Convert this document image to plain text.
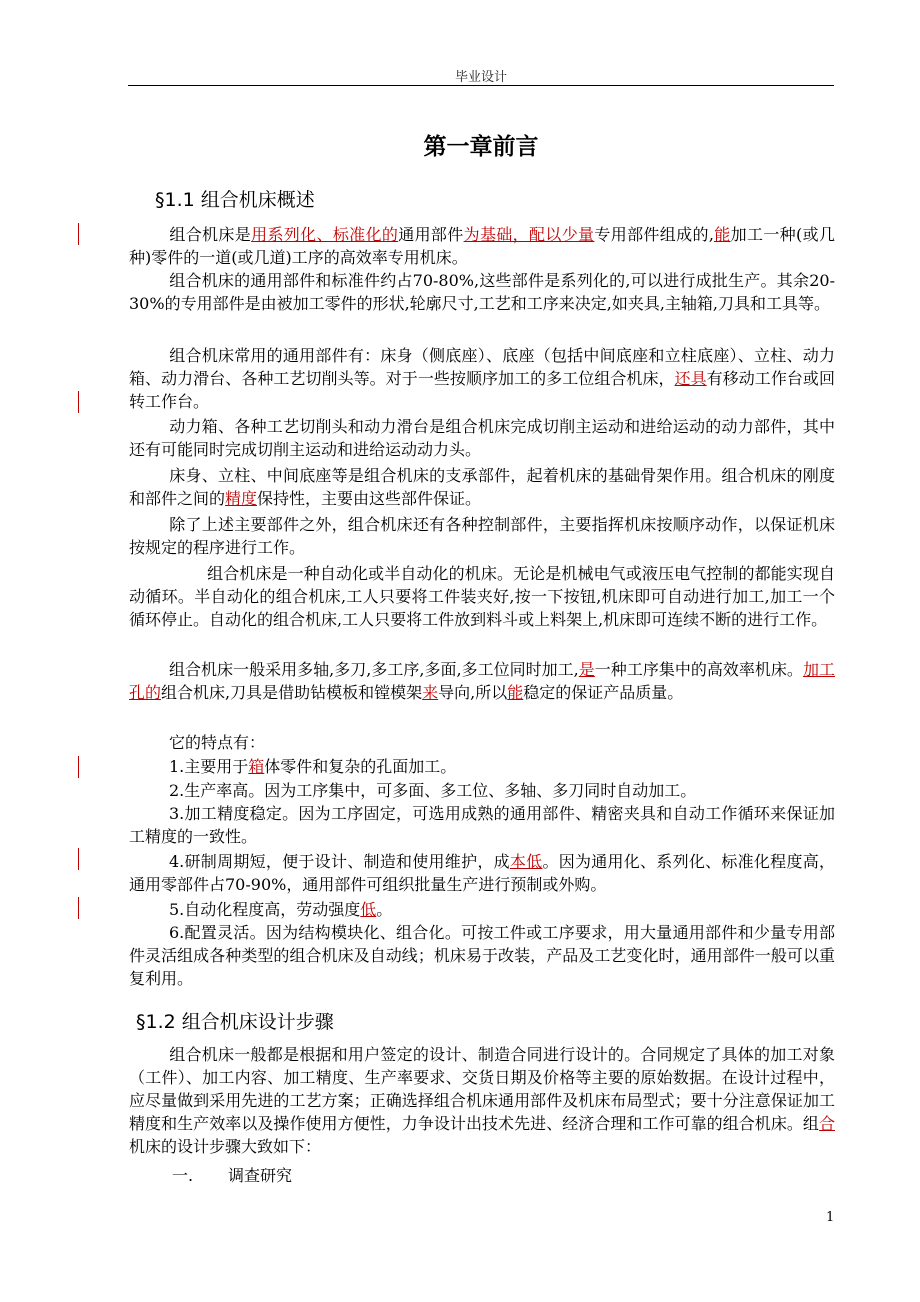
毕业设计
第一章前言
§1.1 组合机床概述

组合机床是用系列化、标准化的通用部件为基础，配以少量专用部件组成的,能加工一种(或几种)零件的一道(或几道)工序的高效率专用机床。

组合机床的通用部件和标准件约占70-80%,这些部件是系列化的,可以进行成批生产。其余20-30%的专用部件是由被加工零件的形状,轮廓尺寸,工艺和工序来决定,如夹具,主轴箱,刀具和工具等。

组合机床常用的通用部件有：床身（侧底座）、底座（包括中间底座和立柱底座）、立柱、动力箱、动力滑台、各种工艺切削头等。对于一些按顺序加工的多工位组合机床，还具有移动工作台或回转工作台。

动力箱、各种工艺切削头和动力滑台是组合机床完成切削主运动和进给运动的动力部件，其中还有可能同时完成切削主运动和进给运动动力头。

床身、立柱、中间底座等是组合机床的支承部件，起着机床的基础骨架作用。组合机床的刚度和部件之间的精度保持性，主要由这些部件保证。

除了上述主要部件之外，组合机床还有各种控制部件，主要指挥机床按顺序动作，以保证机床按规定的程序进行工作。

组合机床是一种自动化或半自动化的机床。无论是机械电气或液压电气控制的都能实现自动循环。半自动化的组合机床,工人只要将工件装夹好,按一下按钮,机床即可自动进行加工,加工一个循环停止。自动化的组合机床,工人只要将工件放到料斗或上料架上,机床即可连续不断的进行工作。

组合机床一般采用多轴,多刀,多工序,多面,多工位同时加工,是一种工序集中的高效率机床。加工孔的组合机床,刀具是借助钻模板和镗模架来导向,所以能稳定的保证产品质量。

它的特点有：

1.主要用于箱体零件和复杂的孔面加工。

2.生产率高。因为工序集中，可多面、多工位、多轴、多刀同时自动加工。

3.加工精度稳定。因为工序固定，可选用成熟的通用部件、精密夹具和自动工作循环来保证加工精度的一致性。

4.研制周期短，便于设计、制造和使用维护，成本低。因为通用化、系列化、标准化程度高，通用零部件占70-90%，通用部件可组织批量生产进行预制或外购。

5.自动化程度高，劳动强度低。

6.配置灵活。因为结构模块化、组合化。可按工件或工序要求，用大量通用部件和少量专用部件灵活组成各种类型的组合机床及自动线；机床易于改装，产品及工艺变化时，通用部件一般可以重复利用。

§1.2 组合机床设计步骤

组合机床一般都是根据和用户签定的设计、制造合同进行设计的。合同规定了具体的加工对象（工件）、加工内容、加工精度、生产率要求、交货日期及价格等主要的原始数据。在设计过程中，应尽量做到采用先进的工艺方案；正确选择组合机床通用部件及机床布局型式；要十分注意保证加工精度和生产效率以及操作使用方便性，力争设计出技术先进、经济合理和工作可靠的组合机床。组合机床的设计步骤大致如下：

一. 调查研究
1
